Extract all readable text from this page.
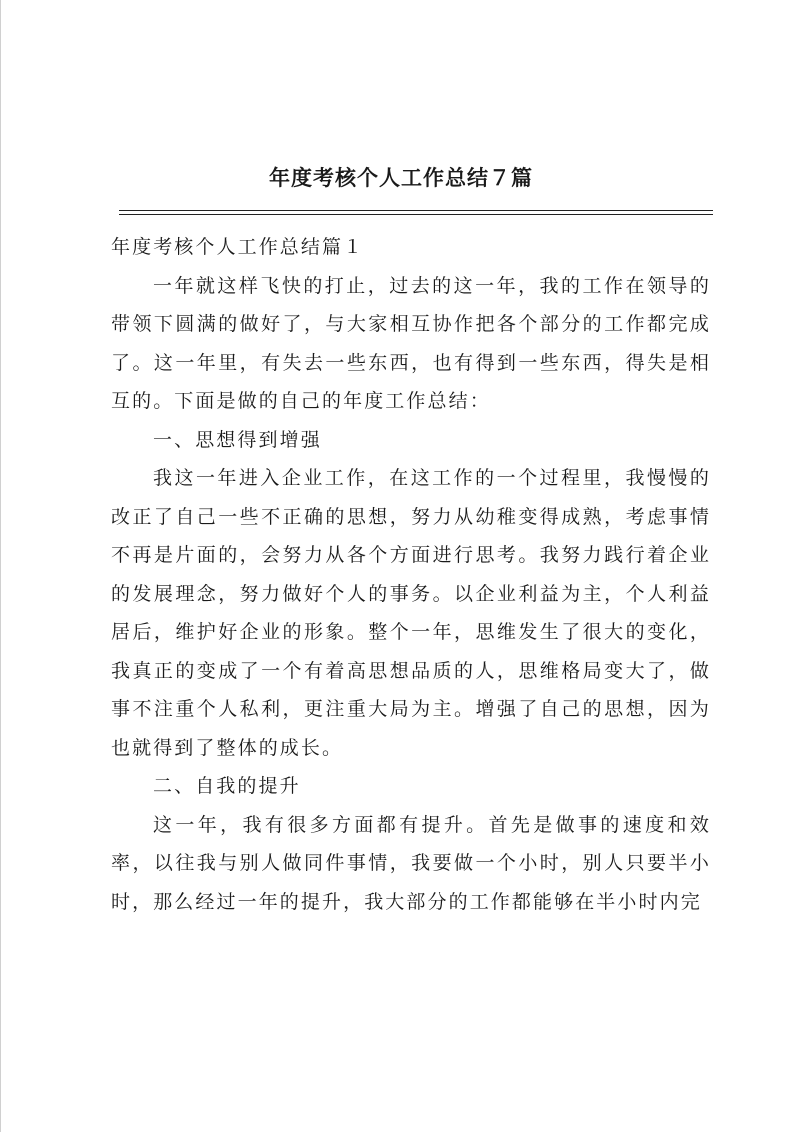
年度考核个人工作总结７篇

年度考核个人工作总结篇１

一年就这样飞快的打止，过去的这一年，我的工作在领导的带领下圆满的做好了，与大家相互协作把各个部分的工作都完成了。这一年里，有失去一些东西，也有得到一些东西，得失是相互的。下面是做的自己的年度工作总结：

一、思想得到增强

我这一年进入企业工作，在这工作的一个过程里，我慢慢的改正了自己一些不正确的思想，努力从幼稚变得成熟，考虑事情不再是片面的，会努力从各个方面进行思考。我努力践行着企业的发展理念，努力做好个人的事务。以企业利益为主，个人利益居后，维护好企业的形象。整个一年，思维发生了很大的变化，我真正的变成了一个有着高思想品质的人，思维格局变大了，做事不注重个人私利，更注重大局为主。增强了自己的思想，因为也就得到了整体的成长。

二、自我的提升

这一年，我有很多方面都有提升。首先是做事的速度和效率，以往我与别人做同件事情，我要做一个小时，别人只要半小时，那么经过一年的提升，我大部分的工作都能够在半小时内完
